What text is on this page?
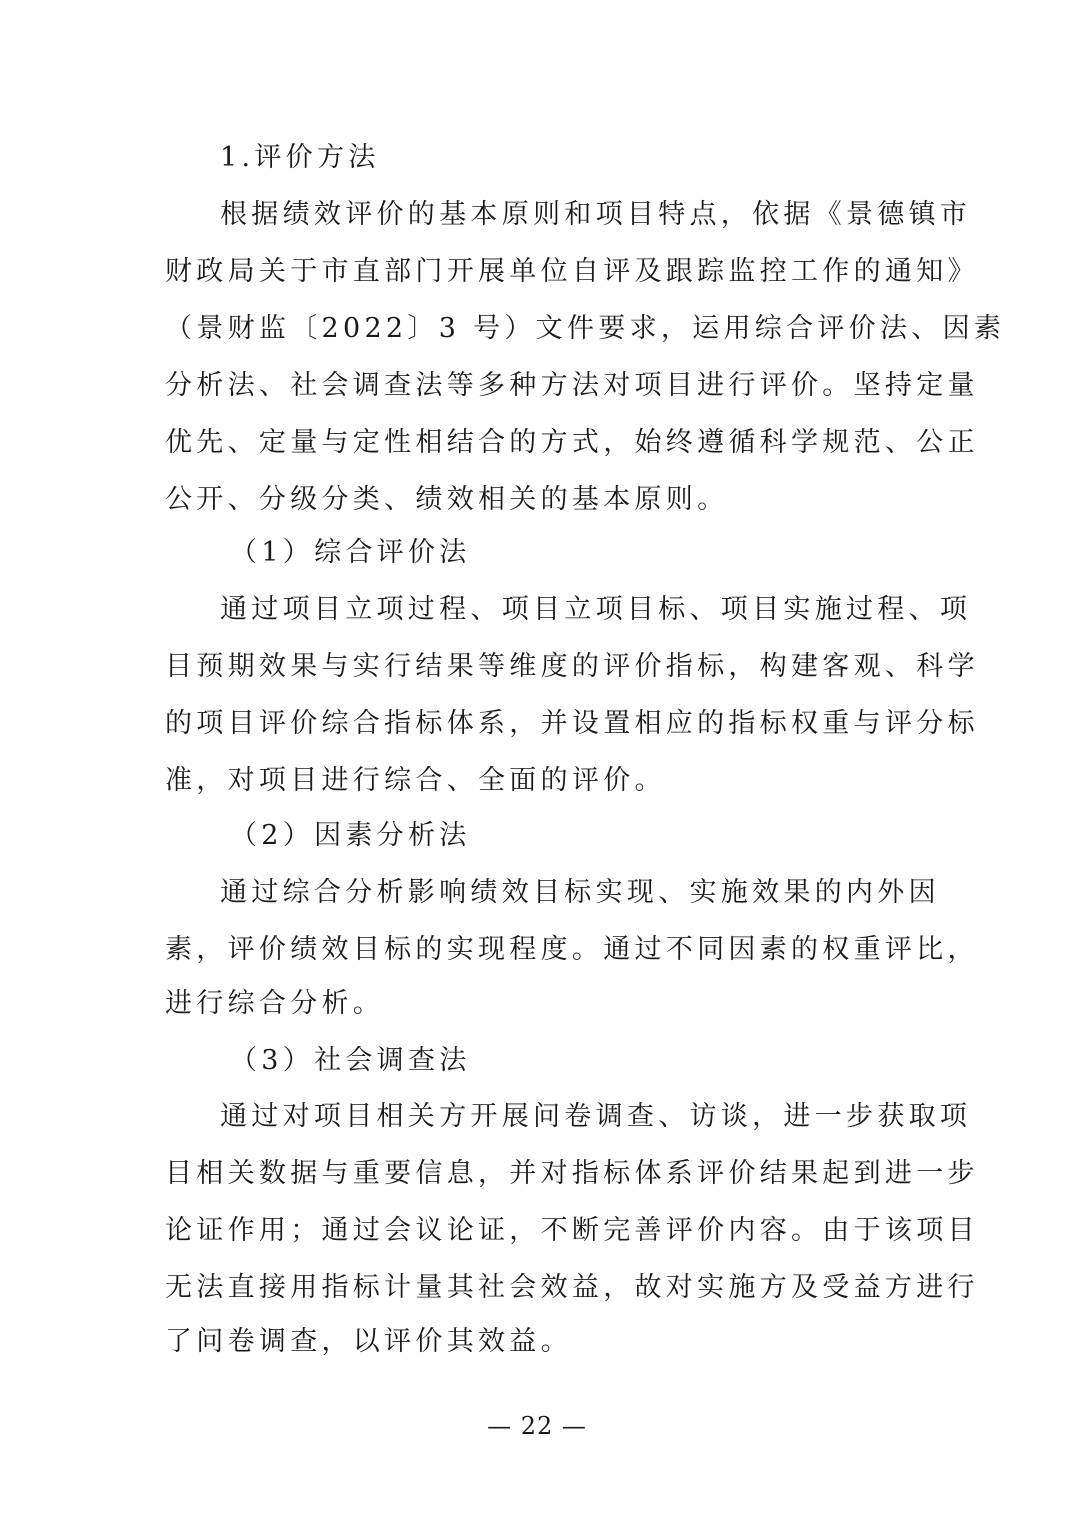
1.评价方法
根据绩效评价的基本原则和项目特点，依据《景德镇市
财政局关于市直部门开展单位自评及跟踪监控工作的通知》
（景财监〔2022〕3 号）文件要求，运用综合评价法、因素
分析法、社会调查法等多种方法对项目进行评价。坚持定量
优先、定量与定性相结合的方式，始终遵循科学规范、公正
公开、分级分类、绩效相关的基本原则。
（1）综合评价法
通过项目立项过程、项目立项目标、项目实施过程、项
目预期效果与实行结果等维度的评价指标，构建客观、科学
的项目评价综合指标体系，并设置相应的指标权重与评分标
准，对项目进行综合、全面的评价。
（2）因素分析法
通过综合分析影响绩效目标实现、实施效果的内外因
素，评价绩效目标的实现程度。通过不同因素的权重评比，
进行综合分析。
（3）社会调查法
通过对项目相关方开展问卷调查、访谈，进一步获取项
目相关数据与重要信息，并对指标体系评价结果起到进一步
论证作用；通过会议论证，不断完善评价内容。由于该项目
无法直接用指标计量其社会效益，故对实施方及受益方进行
了问卷调查，以评价其效益。
— 22 —
